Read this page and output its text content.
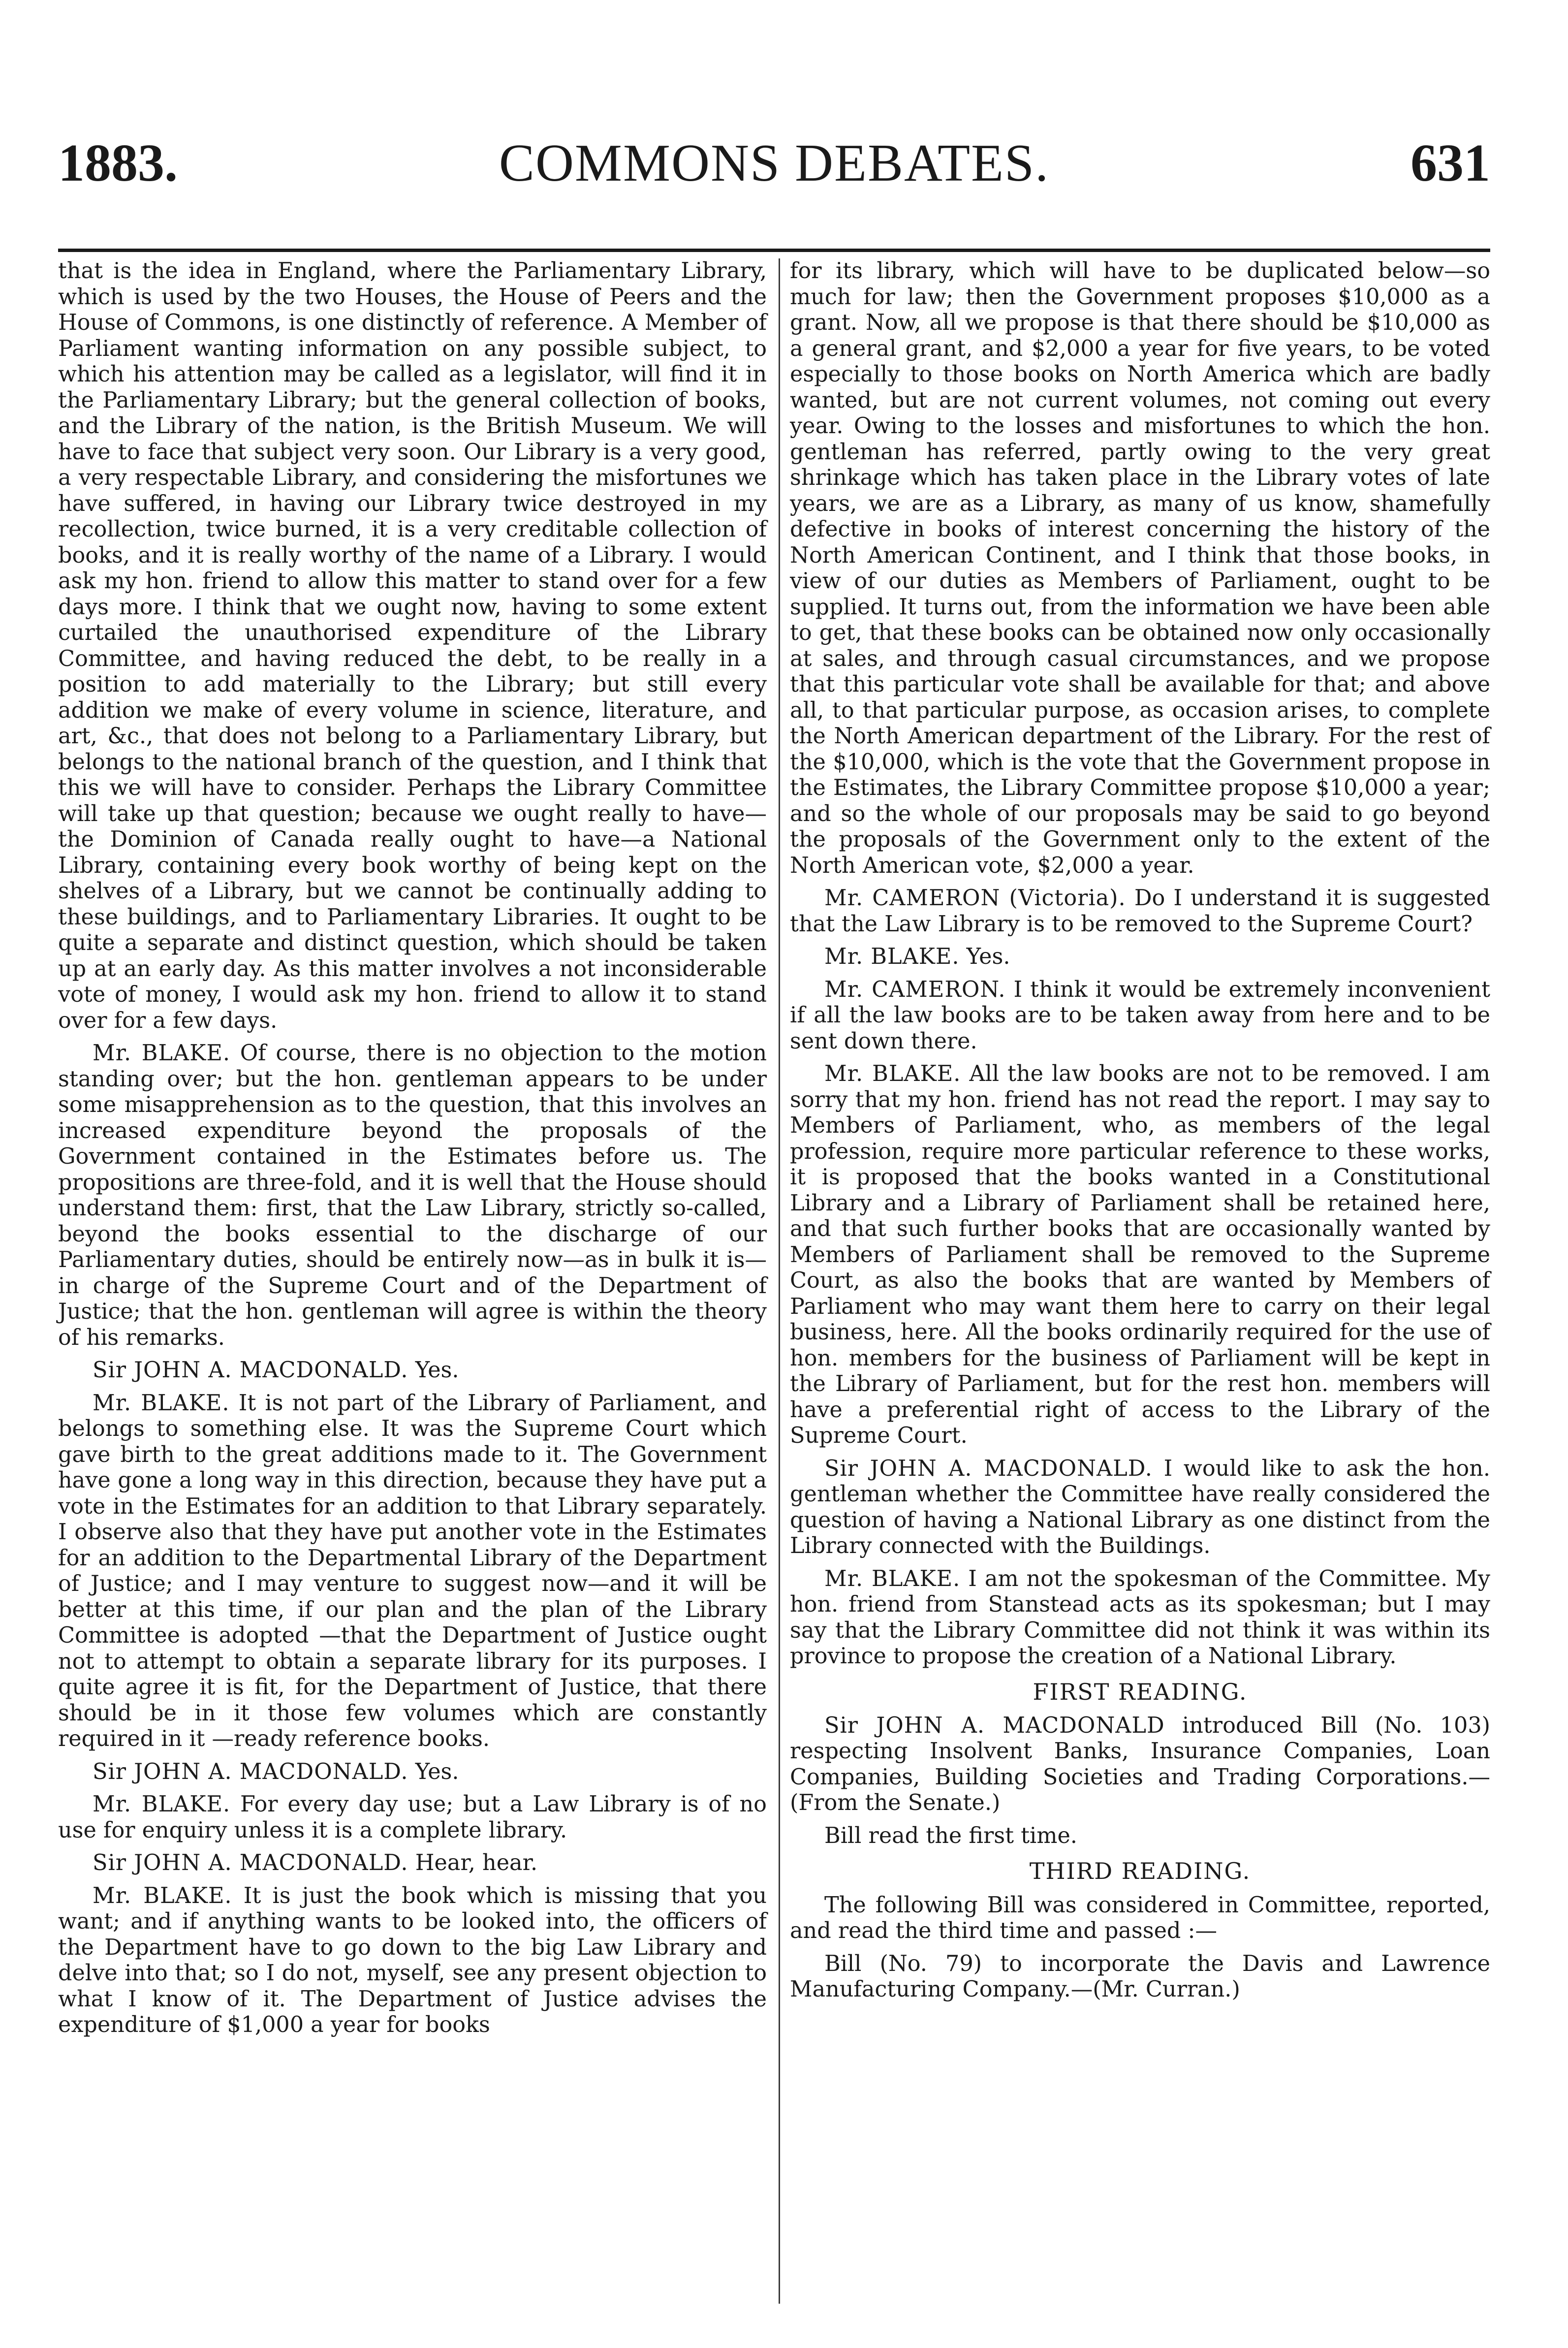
1883.	COMMONS DEBATES.	631

that is the idea in England, where the Parliamentary Library, which is used by the two Houses, the House of Peers and the House of Commons, is one distinctly of reference. A Member of Parliament wanting information on any possible subject, to which his attention may be called as a legislator, will find it in the Parliamentary Library; but the general collection of books, and the Library of the nation, is the British Museum. We will have to face that subject very soon. Our Library is a very good, a very respectable Library, and considering the misfortunes we have suffered, in having our Library twice destroyed in my recollection, twice burned, it is a very creditable collection of books, and it is really worthy of the name of a Library. I would ask my hon. friend to allow this matter to stand over for a few days more. I think that we ought now, having to some extent curtailed the unauthorised expenditure of the Library Committee, and having reduced the debt, to be really in a position to add materially to the Library; but still every addition we make of every volume in science, literature, and art, &c., that does not belong to a Parliamentary Library, but belongs to the national branch of the question, and I think that this we will have to consider. Perhaps the Library Committee will take up that question; because we ought really to have—the Dominion of Canada really ought to have—a National Library, containing every book worthy of being kept on the shelves of a Library, but we cannot be continually adding to these buildings, and to Parliamentary Libraries. It ought to be quite a separate and distinct question, which should be taken up at an early day. As this matter involves a not inconsiderable vote of money, I would ask my hon. friend to allow it to stand over for a few days.

Mr. BLAKE. Of course, there is no objection to the motion standing over; but the hon. gentleman appears to be under some misapprehension as to the question, that this involves an increased expenditure beyond the proposals of the Government contained in the Estimates before us. The propositions are three-fold, and it is well that the House should understand them: first, that the Law Library, strictly so-called, beyond the books essential to the discharge of our Parliamentary duties, should be entirely now—as in bulk it is—in charge of the Supreme Court and of the Department of Justice; that the hon. gentleman will agree is within the theory of his remarks.

Sir JOHN A. MACDONALD. Yes.

Mr. BLAKE. It is not part of the Library of Parliament, and belongs to something else. It was the Supreme Court which gave birth to the great additions made to it. The Government have gone a long way in this direction, because they have put a vote in the Estimates for an addition to that Library separately. I observe also that they have put another vote in the Estimates for an addition to the Departmental Library of the Department of Justice; and I may venture to suggest now—and it will be better at this time, if our plan and the plan of the Library Committee is adopted —that the Department of Justice ought not to attempt to obtain a separate library for its purposes. I quite agree it is fit, for the Department of Justice, that there should be in it those few volumes which are constantly required in it —ready reference books.

Sir JOHN A. MACDONALD. Yes.

Mr. BLAKE. For every day use; but a Law Library is of no use for enquiry unless it is a complete library.

Sir JOHN A. MACDONALD. Hear, hear.

Mr. BLAKE. It is just the book which is missing that you want; and if anything wants to be looked into, the officers of the Department have to go down to the big Law Library and delve into that; so I do not, myself, see any present objection to what I know of it. The Department of Justice advises the expenditure of $1,000 a year for books

for its library, which will have to be duplicated below—so much for law; then the Government proposes $10,000 as a grant. Now, all we propose is that there should be $10,000 as a general grant, and $2,000 a year for five years, to be voted especially to those books on North America which are badly wanted, but are not current volumes, not coming out every year. Owing to the losses and misfortunes to which the hon. gentleman has referred, partly owing to the very great shrinkage which has taken place in the Library votes of late years, we are as a Library, as many of us know, shamefully defective in books of interest concerning the history of the North American Continent, and I think that those books, in view of our duties as Members of Parliament, ought to be supplied. It turns out, from the information we have been able to get, that these books can be obtained now only occasionally at sales, and through casual circumstances, and we propose that this particular vote shall be available for that; and above all, to that particular purpose, as occasion arises, to complete the North American department of the Library. For the rest of the $10,000, which is the vote that the Government propose in the Estimates, the Library Committee propose $10,000 a year; and so the whole of our proposals may be said to go beyond the proposals of the Government only to the extent of the North American vote, $2,000 a year.

Mr. CAMERON (Victoria). Do I understand it is suggested that the Law Library is to be removed to the Supreme Court?

Mr. BLAKE. Yes.

Mr. CAMERON. I think it would be extremely inconvenient if all the law books are to be taken away from here and to be sent down there.

Mr. BLAKE. All the law books are not to be removed. I am sorry that my hon. friend has not read the report. I may say to Members of Parliament, who, as members of the legal profession, require more particular reference to these works, it is proposed that the books wanted in a Constitutional Library and a Library of Parliament shall be retained here, and that such further books that are occasionally wanted by Members of Parliament shall be removed to the Supreme Court, as also the books that are wanted by Members of Parliament who may want them here to carry on their legal business, here. All the books ordinarily required for the use of hon. members for the business of Parliament will be kept in the Library of Parliament, but for the rest hon. members will have a preferential right of access to the Library of the Supreme Court.

Sir JOHN A. MACDONALD. I would like to ask the hon. gentleman whether the Committee have really considered the question of having a National Library as one distinct from the Library connected with the Buildings.

Mr. BLAKE. I am not the spokesman of the Committee. My hon. friend from Stanstead acts as its spokesman; but I may say that the Library Committee did not think it was within its province to propose the creation of a National Library.

FIRST READING.

Sir JOHN A. MACDONALD introduced Bill (No. 103) respecting Insolvent Banks, Insurance Companies, Loan Companies, Building Societies and Trading Corporations.—(From the Senate.)

Bill read the first time.

THIRD READING.

The following Bill was considered in Committee, reported, and read the third time and passed :—

Bill (No. 79) to incorporate the Davis and Lawrence Manufacturing Company.—(Mr. Curran.)
